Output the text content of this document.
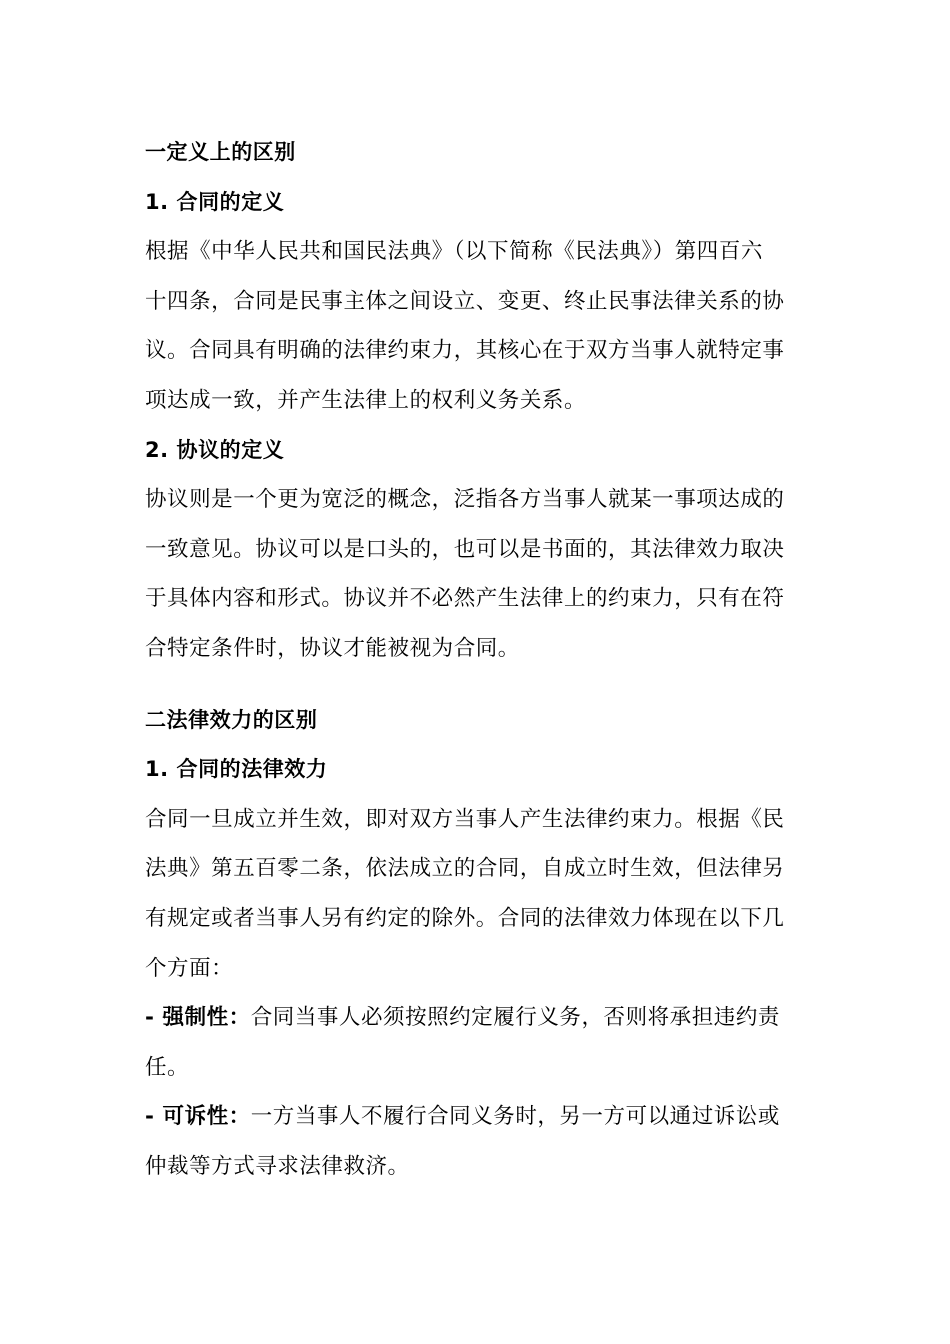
一定义上的区别
1. 合同的定义
根据《中华人民共和国民法典》（以下简称《民法典》）第四百六
十四条，合同是民事主体之间设立、变更、终止民事法律关系的协
议。合同具有明确的法律约束力，其核心在于双方当事人就特定事
项达成一致，并产生法律上的权利义务关系。
2. 协议的定义
协议则是一个更为宽泛的概念，泛指各方当事人就某一事项达成的
一致意见。协议可以是口头的，也可以是书面的，其法律效力取决
于具体内容和形式。协议并不必然产生法律上的约束力，只有在符
合特定条件时，协议才能被视为合同。
二法律效力的区别
1. 合同的法律效力
合同一旦成立并生效，即对双方当事人产生法律约束力。根据《民
法典》第五百零二条，依法成立的合同，自成立时生效，但法律另
有规定或者当事人另有约定的除外。合同的法律效力体现在以下几
个方面：
- 强制性：合同当事人必须按照约定履行义务，否则将承担违约责
任。
- 可诉性：一方当事人不履行合同义务时，另一方可以通过诉讼或
仲裁等方式寻求法律救济。
